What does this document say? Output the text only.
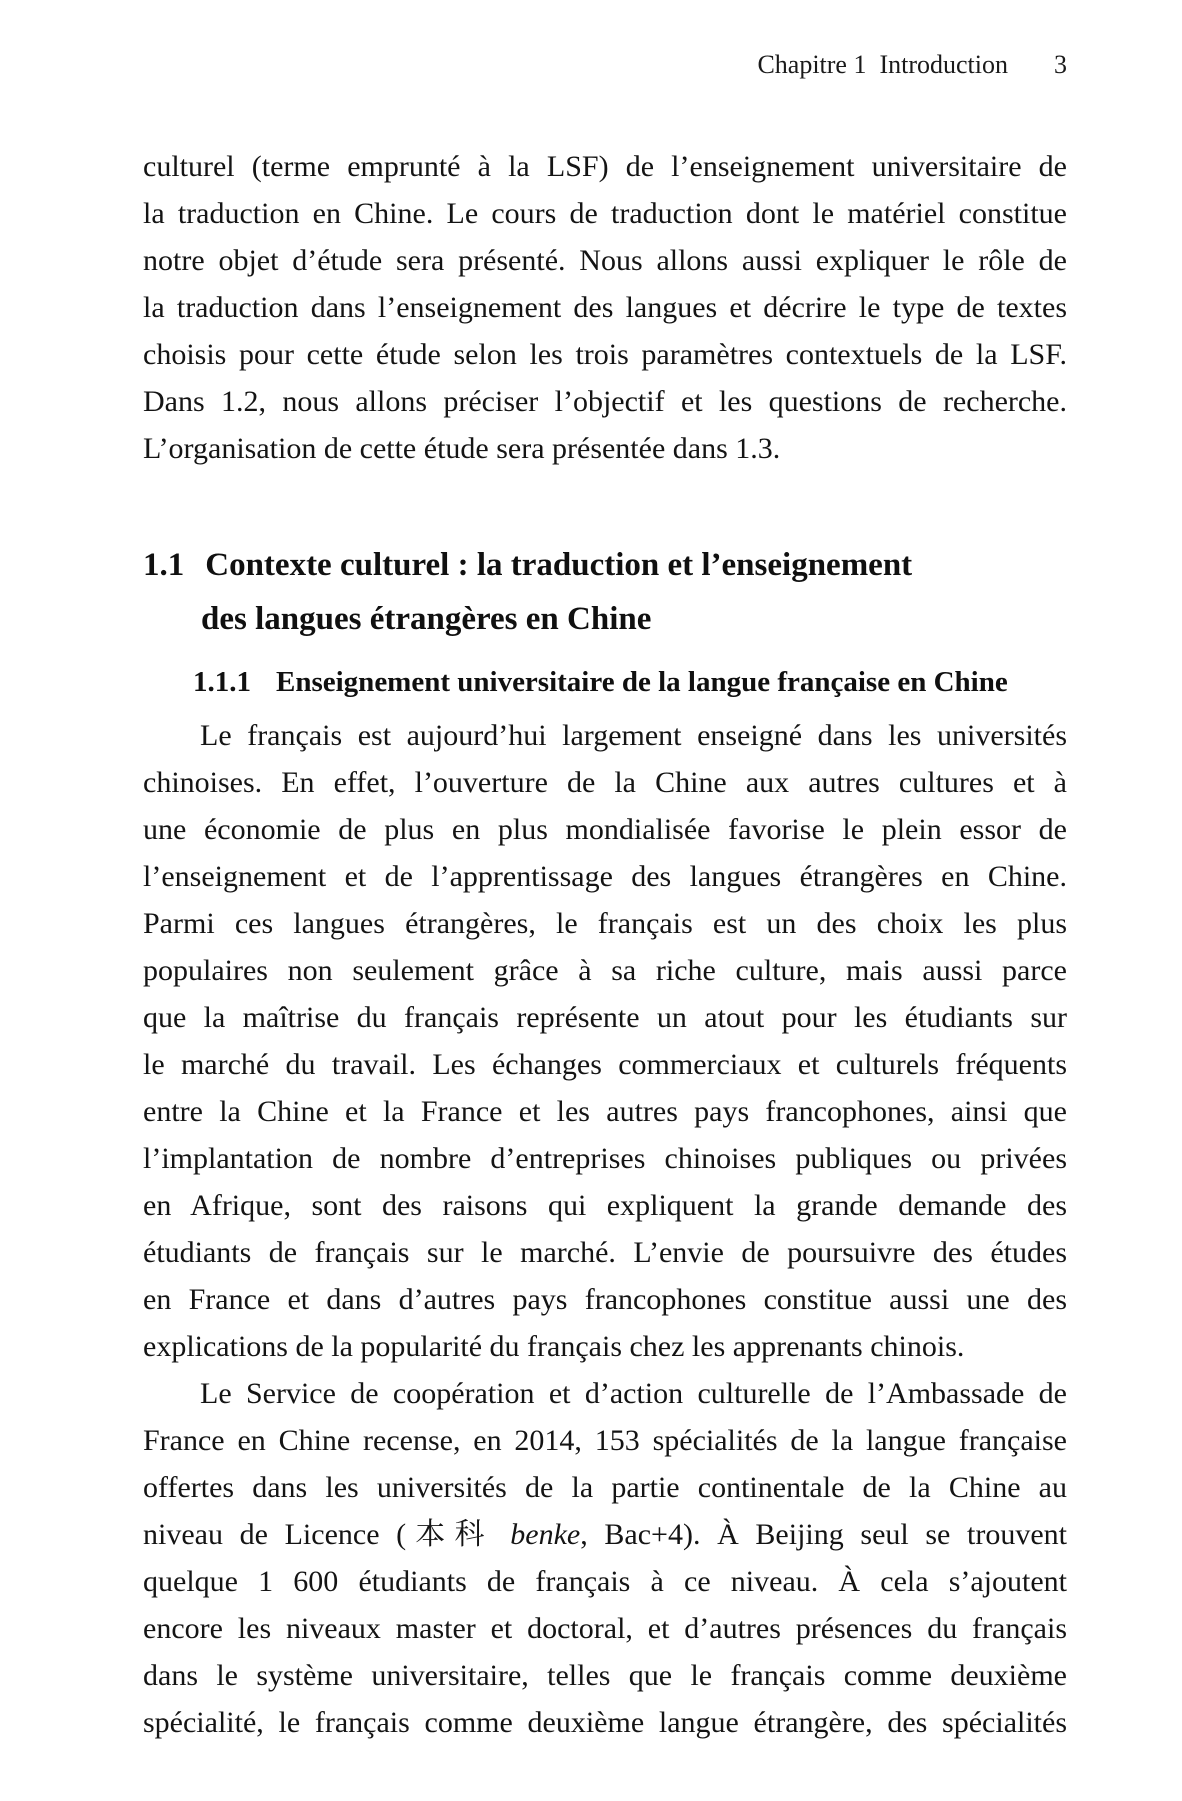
Chapitre 1  Introduction 3
culturel (terme emprunté à la LSF) de l’enseignement universitaire de
la traduction en Chine. Le cours de traduction dont le matériel constitue
notre objet d’étude sera présenté. Nous allons aussi expliquer le rôle de
la traduction dans l’enseignement des langues et décrire le type de textes
choisis pour cette étude selon les trois paramètres contextuels de la LSF.
Dans 1.2, nous allons préciser l’objectif et les questions de recherche.
L’organisation de cette étude sera présentée dans 1.3.
1.1 Contexte culturel : la traduction et l’enseignement
des langues étrangères en Chine
1.1.1 Enseignement universitaire de la langue française en Chine
Le français est aujourd’hui largement enseigné dans les universités
chinoises. En effet, l’ouverture de la Chine aux autres cultures et à
une économie de plus en plus mondialisée favorise le plein essor de
l’enseignement et de l’apprentissage des langues étrangères en Chine.
Parmi ces langues étrangères, le français est un des choix les plus
populaires non seulement grâce à sa riche culture, mais aussi parce
que la maîtrise du français représente un atout pour les étudiants sur
le marché du travail. Les échanges commerciaux et culturels fréquents
entre la Chine et la France et les autres pays francophones, ainsi que
l’implantation de nombre d’entreprises chinoises publiques ou privées
en Afrique, sont des raisons qui expliquent la grande demande des
étudiants de français sur le marché. L’envie de poursuivre des études
en France et dans d’autres pays francophones constitue aussi une des
explications de la popularité du français chez les apprenants chinois.
Le Service de coopération et d’action culturelle de l’Ambassade de
France en Chine recense, en 2014, 153 spécialités de la langue française
offertes dans les universités de la partie continentale de la Chine au
niveau de Licence (本科 benke, Bac+4). À Beijing seul se trouvent
quelque 1 600 étudiants de français à ce niveau. À cela s’ajoutent
encore les niveaux master et doctoral, et d’autres présences du français
dans le système universitaire, telles que le français comme deuxième
spécialité, le français comme deuxième langue étrangère, des spécialités
